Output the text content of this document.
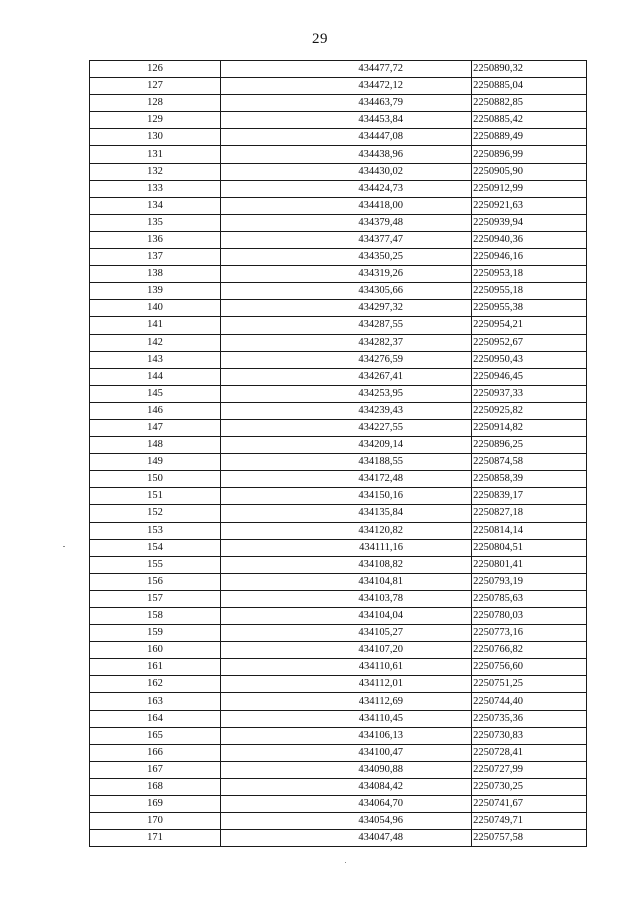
29
126	434477,72	2250890,32
127	434472,12	2250885,04
128	434463,79	2250882,85
129	434453,84	2250885,42
130	434447,08	2250889,49
131	434438,96	2250896,99
132	434430,02	2250905,90
133	434424,73	2250912,99
134	434418,00	2250921,63
135	434379,48	2250939,94
136	434377,47	2250940,36
137	434350,25	2250946,16
138	434319,26	2250953,18
139	434305,66	2250955,18
140	434297,32	2250955,38
141	434287,55	2250954,21
142	434282,37	2250952,67
143	434276,59	2250950,43
144	434267,41	2250946,45
145	434253,95	2250937,33
146	434239,43	2250925,82
147	434227,55	2250914,82
148	434209,14	2250896,25
149	434188,55	2250874,58
150	434172,48	2250858,39
151	434150,16	2250839,17
152	434135,84	2250827,18
153	434120,82	2250814,14
154	434111,16	2250804,51
155	434108,82	2250801,41
156	434104,81	2250793,19
157	434103,78	2250785,63
158	434104,04	2250780,03
159	434105,27	2250773,16
160	434107,20	2250766,82
161	434110,61	2250756,60
162	434112,01	2250751,25
163	434112,69	2250744,40
164	434110,45	2250735,36
165	434106,13	2250730,83
166	434100,47	2250728,41
167	434090,88	2250727,99
168	434084,42	2250730,25
169	434064,70	2250741,67
170	434054,96	2250749,71
171	434047,48	2250757,58
